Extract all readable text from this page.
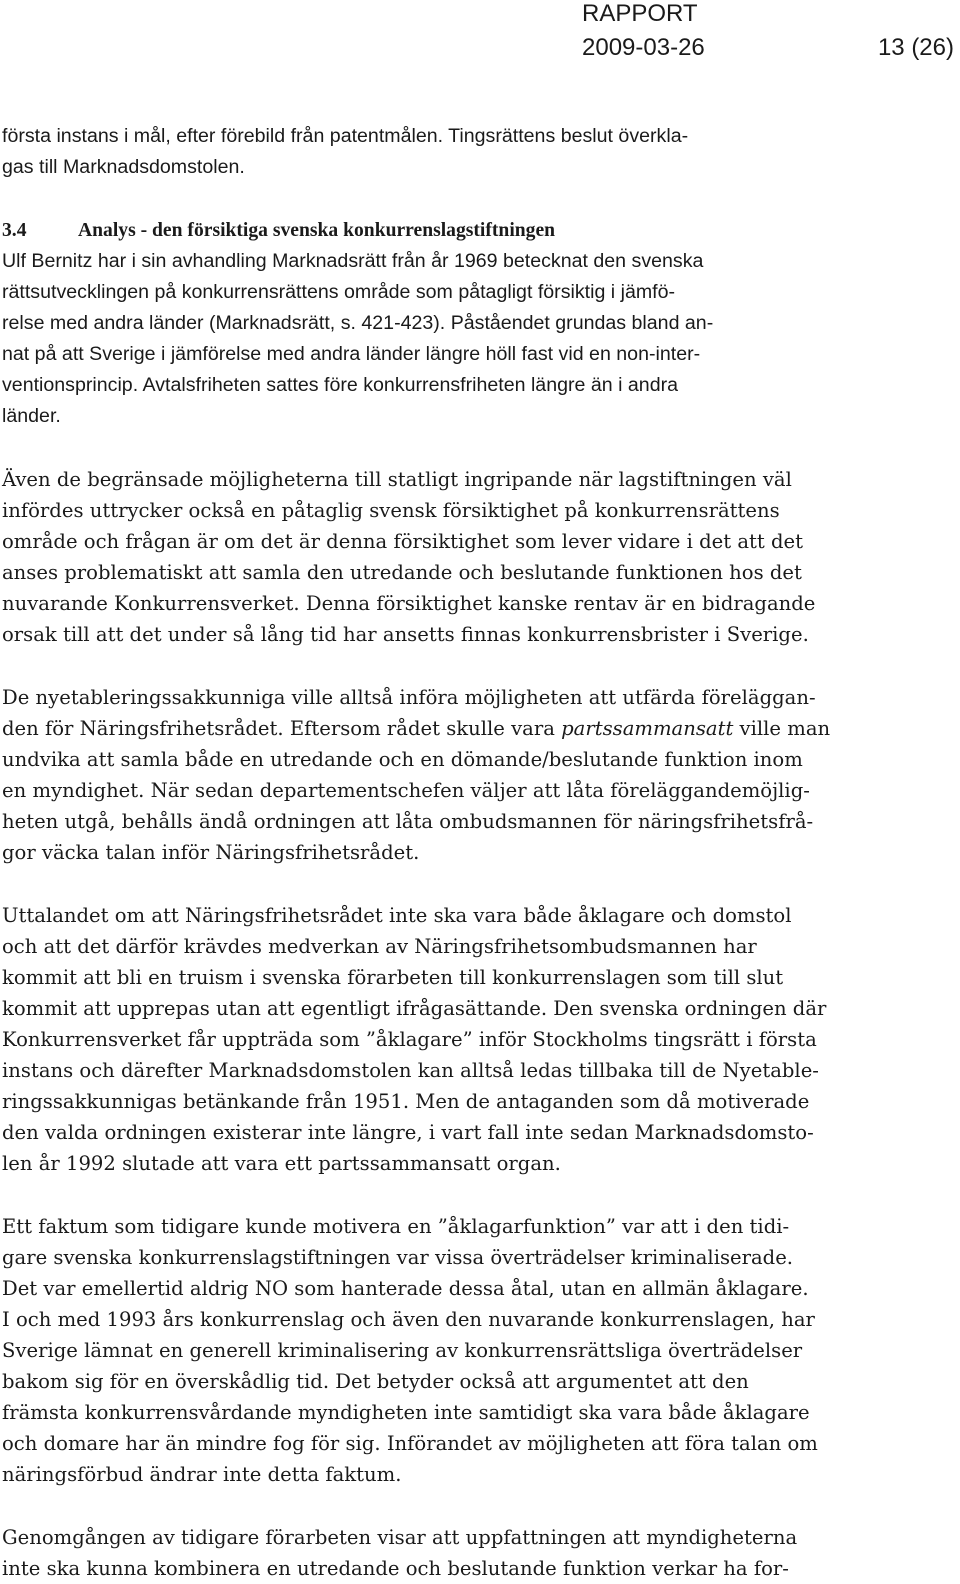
RAPPORT
2009-03-26	13 (26)

första instans i mål, efter förebild från patentmålen. Tingsrättens beslut överkla-
gas till Marknadsdomstolen.

3.4	Analys - den försiktiga svenska konkurrenslagstiftningen

Ulf Bernitz har i sin avhandling Marknadsrätt från år 1969 betecknat den svenska
rättsutvecklingen på konkurrensrättens område som påtagligt försiktig i jämfö-
relse med andra länder (Marknadsrätt, s. 421-423). Påståendet grundas bland an-
nat på att Sverige i jämförelse med andra länder längre höll fast vid en non-inter-
ventionsprincip. Avtalsfriheten sattes före konkurrensfriheten längre än i andra
länder.

Även de begränsade möjligheterna till statligt ingripande när lagstiftningen väl
infördes uttrycker också en påtaglig svensk försiktighet på konkurrensrättens
område och frågan är om det är denna försiktighet som lever vidare i det att det
anses problematiskt att samla den utredande och beslutande funktionen hos det
nuvarande Konkurrensverket. Denna försiktighet kanske rentav är en bidragande
orsak till att det under så lång tid har ansetts finnas konkurrensbrister i Sverige.

De nyetableringssakkunniga ville alltså införa möjligheten att utfärda föreläggan-
den för Näringsfrihetsrådet. Eftersom rådet skulle vara partssammansatt ville man
undvika att samla både en utredande och en dömande/beslutande funktion inom
en myndighet. När sedan departementschefen väljer att låta föreläggandemöjlig-
heten utgå, behålls ändå ordningen att låta ombudsmannen för näringsfrihetsfrå-
gor väcka talan inför Näringsfrihetsrådet.

Uttalandet om att Näringsfrihetsrådet inte ska vara både åklagare och domstol
och att det därför krävdes medverkan av Näringsfrihetsombudsmannen har
kommit att bli en truism i svenska förarbeten till konkurrenslagen som till slut
kommit att upprepas utan att egentligt ifrågasättande. Den svenska ordningen där
Konkurrensverket får uppträda som ”åklagare” inför Stockholms tingsrätt i första
instans och därefter Marknadsdomstolen kan alltså ledas tillbaka till de Nyetable-
ringssakkunnigas betänkande från 1951. Men de antaganden som då motiverade
den valda ordningen existerar inte längre, i vart fall inte sedan Marknadsdomsto-
len år 1992 slutade att vara ett partssammansatt organ.

Ett faktum som tidigare kunde motivera en ”åklagarfunktion” var att i den tidi-
gare svenska konkurrenslagstiftningen var vissa överträdelser kriminaliserade.
Det var emellertid aldrig NO som hanterade dessa åtal, utan en allmän åklagare.
I och med 1993 års konkurrenslag och även den nuvarande konkurrenslagen, har
Sverige lämnat en generell kriminalisering av konkurrensrättsliga överträdelser
bakom sig för en överskådlig tid. Det betyder också att argumentet att den
främsta konkurrensvårdande myndigheten inte samtidigt ska vara både åklagare
och domare har än mindre fog för sig. Införandet av möjligheten att föra talan om
näringsförbud ändrar inte detta faktum.

Genomgången av tidigare förarbeten visar att uppfattningen att myndigheterna
inte ska kunna kombinera en utredande och beslutande funktion verkar ha for-
